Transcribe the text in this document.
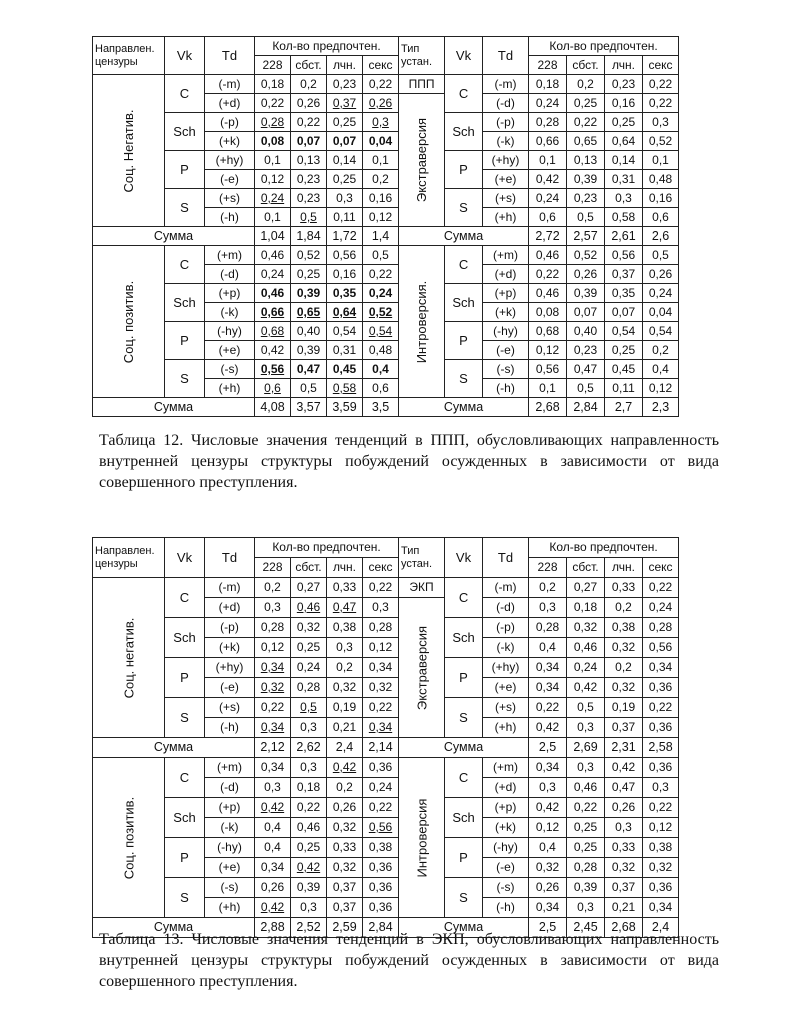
Направлен. цензуры	Vk	Td	Кол-во предпочтен.				Тип устан.	Vk	Td	Кол-во предпочтен.			
			228	сбст.	лчн.	секс				228	сбст.	лчн.	секс

Соц. Негатив.	C	(-m)	0,18	0,2	0,23	0,22	ППП	C	(-m)	0,18	0,2	0,23	0,22
		(+d)	0,22	0,26	0,37	0,26	Экстраверсия		(-d)	0,24	0,25	0,16	0,22
	Sch	(-p)	0,28	0,22	0,25	0,3		Sch	(-p)	0,28	0,22	0,25	0,3
		(+k)	0,08	0,07	0,07	0,04			(-k)	0,66	0,65	0,64	0,52
	P	(+hy)	0,1	0,13	0,14	0,1		P	(+hy)	0,1	0,13	0,14	0,1
		(-e)	0,12	0,23	0,25	0,2			(+e)	0,42	0,39	0,31	0,48
	S	(+s)	0,24	0,23	0,3	0,16		S	(+s)	0,24	0,23	0,3	0,16
		(-h)	0,1	0,5	0,11	0,12			(+h)	0,6	0,5	0,58	0,6
Сумма			1,04	1,84	1,72	1,4	Сумма			2,72	2,57	2,61	2,6

Соц. позитив.	C	(+m)	0,46	0,52	0,56	0,5	Интроверсия.	C	(+m)	0,46	0,52	0,56	0,5
		(-d)	0,24	0,25	0,16	0,22			(+d)	0,22	0,26	0,37	0,26
	Sch	(+p)	0,46	0,39	0,35	0,24		Sch	(+p)	0,46	0,39	0,35	0,24
		(-k)	0,66	0,65	0,64	0,52			(+k)	0,08	0,07	0,07	0,04
	P	(-hy)	0,68	0,40	0,54	0,54		P	(-hy)	0,68	0,40	0,54	0,54
		(+e)	0,42	0,39	0,31	0,48			(-e)	0,12	0,23	0,25	0,2
	S	(-s)	0,56	0,47	0,45	0,4		S	(-s)	0,56	0,47	0,45	0,4
		(+h)	0,6	0,5	0,58	0,6			(-h)	0,1	0,5	0,11	0,12
Сумма			4,08	3,57	3,59	3,5	Сумма			2,68	2,84	2,7	2,3
Таблица 12. Числовые значения тенденций в ППП, обусловливающих направленность внутренней цензуры структуры побуждений осужденных в зависимости от вида совершенного преступления.
Направлен. цензуры	Vk	Td	Кол-во предпочтен.				Тип устан.	Vk	Td	Кол-во предпочтен.			
			228	сбст.	лчн.	секс				228	сбст.	лчн.	секс

Соц. негатив.	C	(-m)	0,2	0,27	0,33	0,22	ЭКП	C	(-m)	0,2	0,27	0,33	0,22
		(+d)	0,3	0,46	0,47	0,3	Экстраверсия		(-d)	0,3	0,18	0,2	0,24
	Sch	(-p)	0,28	0,32	0,38	0,28		Sch	(-p)	0,28	0,32	0,38	0,28
		(+k)	0,12	0,25	0,3	0,12			(-k)	0,4	0,46	0,32	0,56
	P	(+hy)	0,34	0,24	0,2	0,34		P	(+hy)	0,34	0,24	0,2	0,34
		(-e)	0,32	0,28	0,32	0,32			(+e)	0,34	0,42	0,32	0,36
	S	(+s)	0,22	0,5	0,19	0,22		S	(+s)	0,22	0,5	0,19	0,22
		(-h)	0,34	0,3	0,21	0,34			(+h)	0,42	0,3	0,37	0,36
Сумма			2,12	2,62	2,4	2,14	Сумма			2,5	2,69	2,31	2,58

Соц. позитив.	C	(+m)	0,34	0,3	0,42	0,36	Интроверсия	C	(+m)	0,34	0,3	0,42	0,36
		(-d)	0,3	0,18	0,2	0,24			(+d)	0,3	0,46	0,47	0,3
	Sch	(+p)	0,42	0,22	0,26	0,22		Sch	(+p)	0,42	0,22	0,26	0,22
		(-k)	0,4	0,46	0,32	0,56			(+k)	0,12	0,25	0,3	0,12
	P	(-hy)	0,4	0,25	0,33	0,38		P	(-hy)	0,4	0,25	0,33	0,38
		(+e)	0,34	0,42	0,32	0,36			(-e)	0,32	0,28	0,32	0,32
	S	(-s)	0,26	0,39	0,37	0,36		S	(-s)	0,26	0,39	0,37	0,36
		(+h)	0,42	0,3	0,37	0,36			(-h)	0,34	0,3	0,21	0,34
Сумма			2,88	2,52	2,59	2,84	Сумма			2,5	2,45	2,68	2,4
Таблица 13. Числовые значения тенденций в ЭКП, обусловливающих направленность внутренней цензуры структуры побуждений осужденных в зависимости от вида совершенного преступления.
